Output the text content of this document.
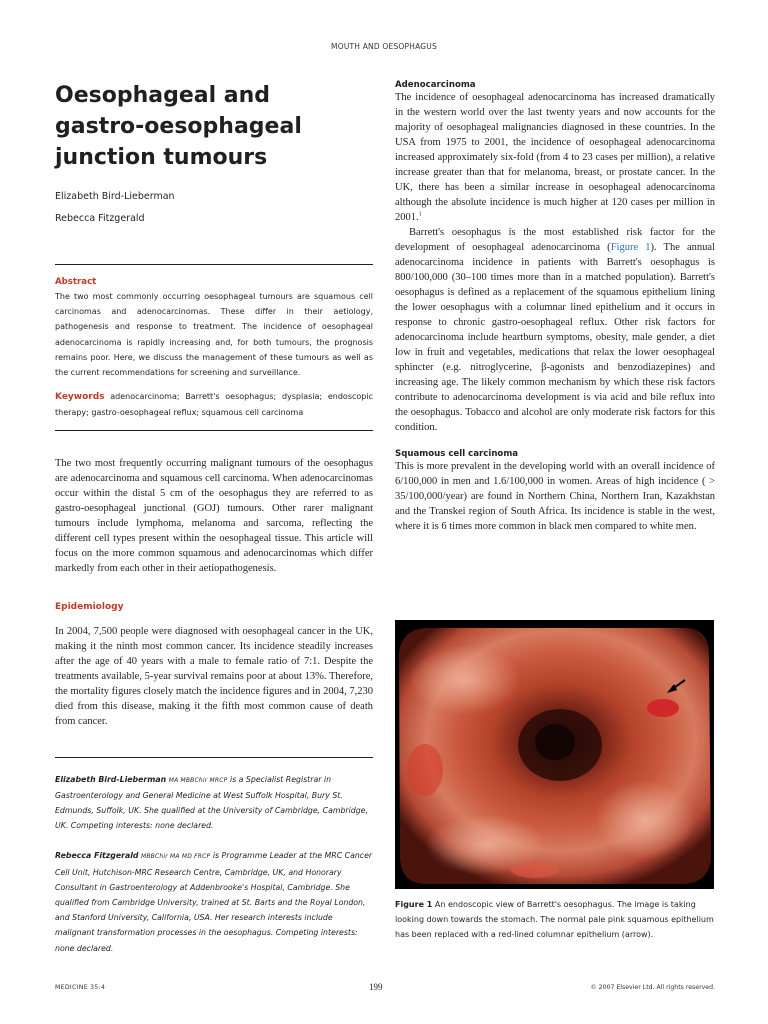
MOUTH AND OESOPHAGUS
Oesophageal and
gastro-oesophageal
junction tumours
Elizabeth Bird-Lieberman
Rebecca Fitzgerald

Abstract

The two most commonly occurring oesophageal tumours are squamous cell carcinomas and adenocarcinomas. These differ in their aetiology, pathogenesis and response to treatment. The incidence of oesophageal adenocarcinoma is rapidly increasing and, for both tumours, the prognosis remains poor. Here, we discuss the management of these tumours as well as the current recommendations for screening and surveillance.

Keywords adenocarcinoma; Barrett's oesophagus; dysplasia; endoscopic therapy; gastro-oesophageal reflux; squamous cell carcinoma

The two most frequently occurring malignant tumours of the oesophagus are adenocarcinoma and squamous cell carcinoma. When adenocarcinomas occur within the distal 5 cm of the oesophagus they are referred to as gastro-oesophageal junctional (GOJ) tumours. Other rarer malignant tumours include lymphoma, melanoma and sarcoma, reflecting the different cell types present within the oesophageal tissue. This article will focus on the more common squamous and adenocarcinomas which differ markedly from each other in their aetiopathogenesis.

Epidemiology

In 2004, 7,500 people were diagnosed with oesophageal cancer in the UK, making it the ninth most common cancer. Its incidence steadily increases after the age of 40 years with a male to female ratio of 7:1. Despite the treatments available, 5-year survival remains poor at about 13%. Therefore, the mortality figures closely match the incidence figures and in 2004, 7,230 died from this disease, making it the fifth most common cause of death from cancer.

Elizabeth Bird-Lieberman MA MBBChir MRCP is a Specialist Registrar in Gastroenterology and General Medicine at West Suffolk Hospital, Bury St. Edmunds, Suffolk, UK. She qualified at the University of Cambridge, Cambridge, UK. Competing interests: none declared.

Rebecca Fitzgerald MBBChir MA MD FRCP is Programme Leader at the MRC Cancer Cell Unit, Hutchison-MRC Research Centre, Cambridge, UK, and Honorary Consultant in Gastroenterology at Addenbrooke's Hospital, Cambridge. She qualified from Cambridge University, trained at St. Barts and the Royal London, and Stanford University, California, USA. Her research interests include malignant transformation processes in the oesophagus. Competing interests: none declared.

Adenocarcinoma

The incidence of oesophageal adenocarcinoma has increased dramatically in the western world over the last twenty years and now accounts for the majority of oesophageal malignancies diagnosed in these countries. In the USA from 1975 to 2001, the incidence of oesophageal adenocarcinoma increased approximately six-fold (from 4 to 23 cases per million), a relative increase greater than that for melanoma, breast, or prostate cancer. In the UK, there has been a similar increase in oesophageal adenocarcinoma although the absolute incidence is much higher at 120 cases per million in 2001.$^1$

Barrett's oesophagus is the most established risk factor for the development of oesophageal adenocarcinoma (Figure 1). The annual adenocarcinoma incidence in patients with Barrett's oesophagus is 800/100,000 (30–100 times more than in a matched population). Barrett's oesophagus is defined as a replacement of the squamous epithelium lining the lower oesophagus with a columnar lined epithelium and it occurs in response to chronic gastro-oesophageal reflux. Other risk factors for adenocarcinoma include heartburn symptoms, obesity, male gender, a diet low in fruit and vegetables, medications that relax the lower oesophageal sphincter (e.g. nitroglycerine, β-agonists and benzodiazepines) and increasing age. The likely common mechanism by which these risk factors contribute to adenocarcinoma development is via acid and bile reflux into the oesophagus. Tobacco and alcohol are only moderate risk factors for this condition.

Squamous cell carcinoma

This is more prevalent in the developing world with an overall incidence of 6/100,000 in men and 1.6/100,000 in women. Areas of high incidence ( > 35/100,000/year) are found in Northern China, Northern Iran, Kazakhstan and the Transkei region of South Africa. Its incidence is stable in the west, where it is 6 times more common in black men compared to white men.

Figure 1 An endoscopic view of Barrett's oesophagus. The image is taking looking down towards the stomach. The normal pale pink squamous epithelium has been replaced with a red-lined columnar epithelium (arrow).

MEDICINE 35:4	199	© 2007 Elsevier Ltd. All rights reserved.
